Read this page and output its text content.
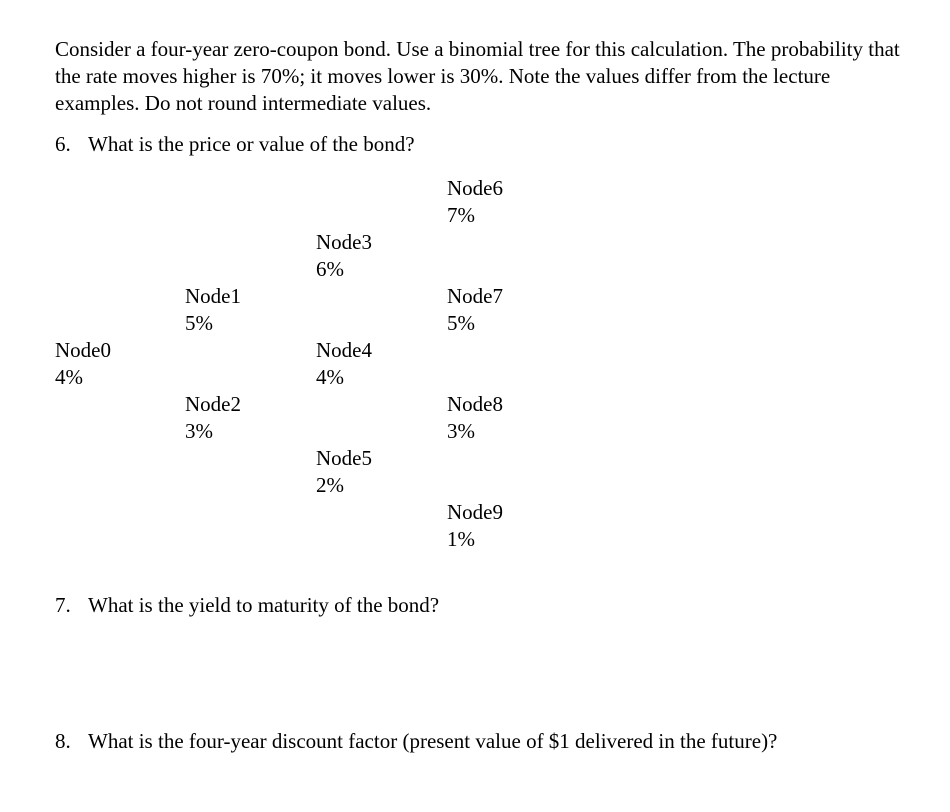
Consider a four-year zero-coupon bond. Use a binomial tree for this calculation. The probability that the rate moves higher is 70%; it moves lower is 30%. Note the values differ from the lecture examples. Do not round intermediate values.

6. What is the price or value of the bond?

Node0
4%
Node1
5%
Node2
3%
Node3
6%
Node4
4%
Node5
2%
Node6
7%
Node7
5%
Node8
3%
Node9
1%

7. What is the yield to maturity of the bond?

8. What is the four-year discount factor (present value of $1 delivered in the future)?
